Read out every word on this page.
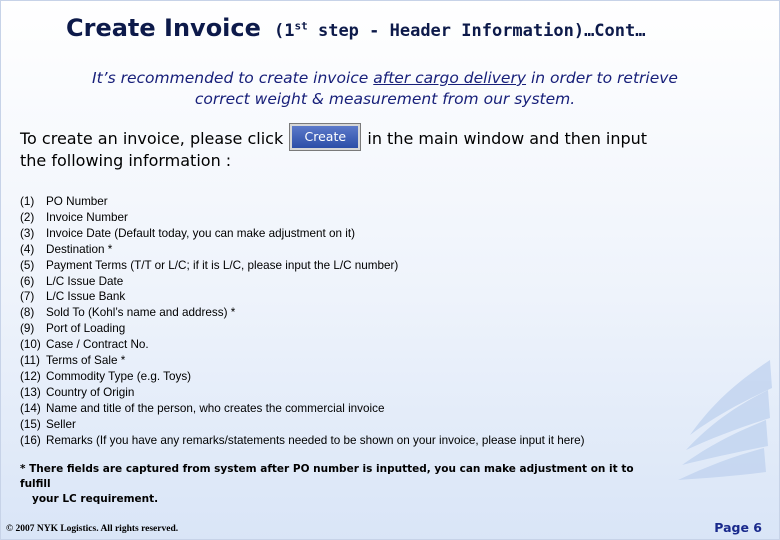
Create Invoice (1st step - Header Information)…Cont…
It’s recommended to create invoice after cargo delivery in order to retrieve
correct weight & measurement from our system.
To create an invoice, please click Create in the main window and then input
the following information :
(1) PO Number
(2) Invoice Number
(3) Invoice Date (Default today, you can make adjustment on it)
(4) Destination *
(5) Payment Terms (T/T or L/C; if it is L/C, please input the L/C number)
(6) L/C Issue Date
(7) L/C Issue Bank
(8) Sold To (Kohl’s name and address) *
(9) Port of Loading
(10) Case / Contract No.
(11) Terms of Sale *
(12) Commodity Type (e.g. Toys)
(13) Country of Origin
(14) Name and title of the person, who creates the commercial invoice
(15) Seller
(16) Remarks (If you have any remarks/statements needed to be shown on your invoice, please input it here)
* There fields are captured from system after PO number is inputted, you can make adjustment on it to fulfill
your LC requirement.
© 2007 NYK Logistics. All rights reserved.	Page 6
